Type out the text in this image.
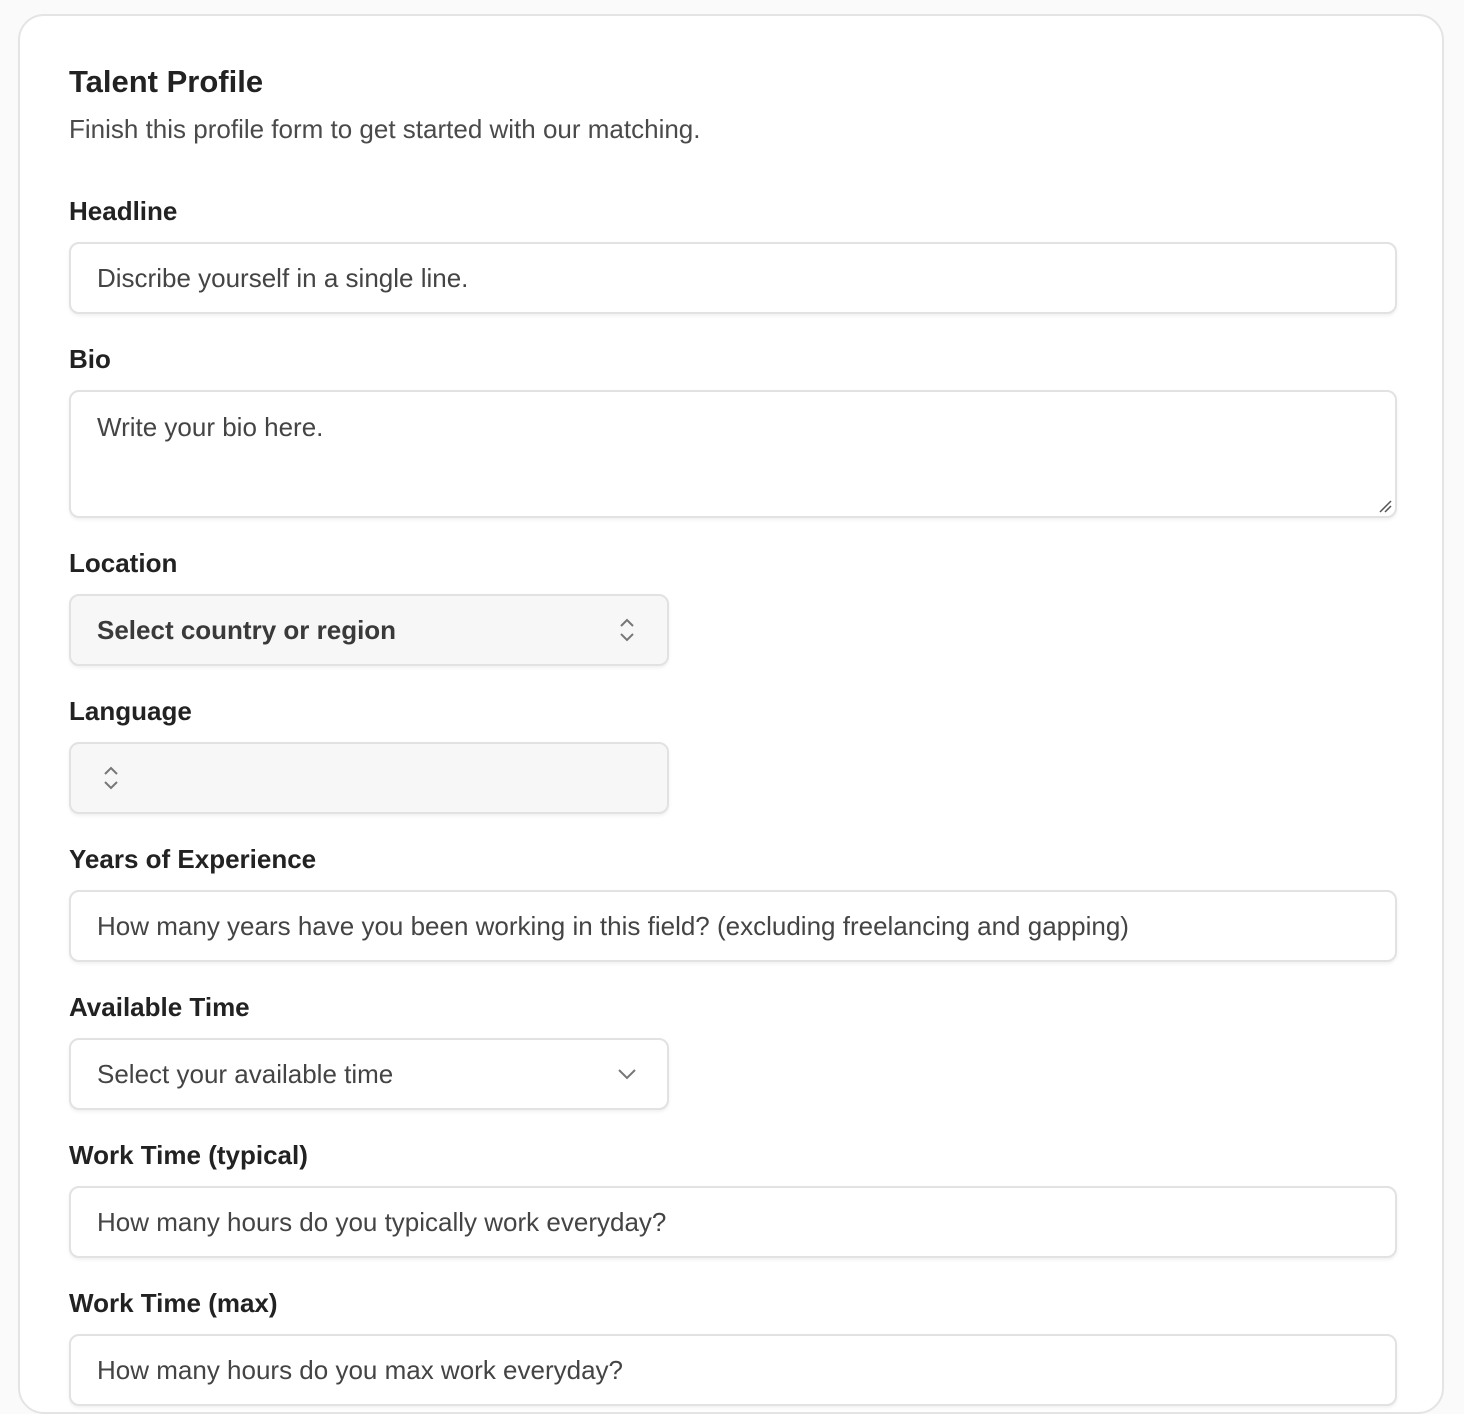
Talent Profile

Finish this profile form to get started with our matching.

Headline
Discribe yourself in a single line.
Bio
Write your bio here.
Location
Select country or region
Language
Years of Experience
How many years have you been working in this field? (excluding freelancing and gapping)
Available Time
Select your available time
Work Time (typical)
How many hours do you typically work everyday?
Work Time (max)
How many hours do you max work everyday?
